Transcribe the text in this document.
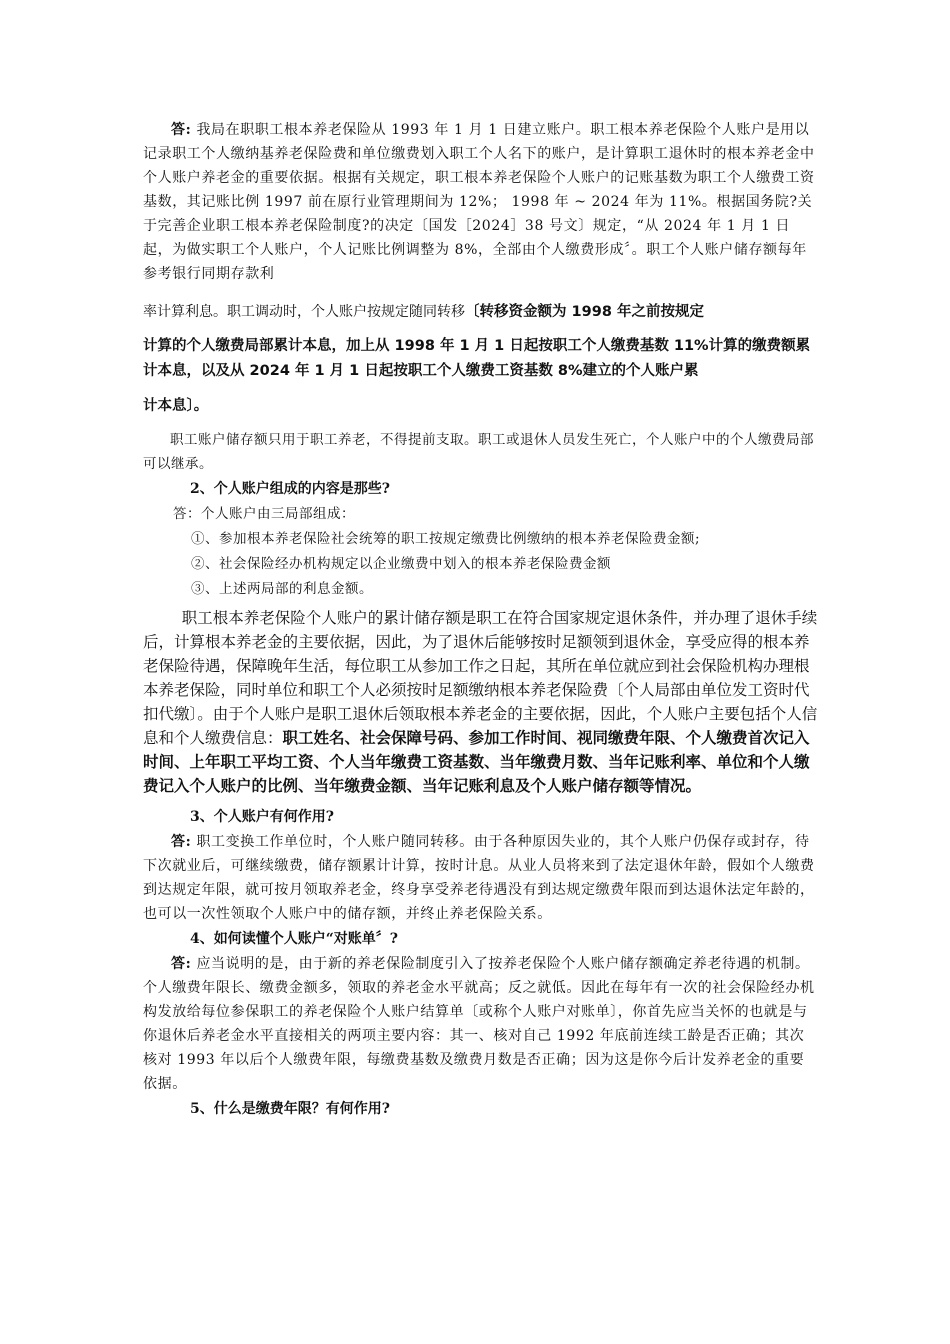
答: 我局在职职工根本养老保险从 1993 年 1 月 1 日建立账户。职工根本养老保险个人账户是用以记录职工个人缴纳基养老保险费和单位缴费划入职工个人名下的账户，是计算职工退休时的根本养老金中个人账户养老金的重要依据。根据有关规定，职工根本养老保险个人账户的记账基数为职工个人缴费工资基数，其记账比例 1997 前在原行业管理期间为 12%； 1998 年 ~ 2024 年为 11%。根据国务院?关于完善企业职工根本养老保险制度?的决定〔国发［2024］38 号文〕规定，“从 2024 年 1 月 1 日起，为做实职工个人账户，个人记账比例调整为 8%，全部由个人缴费形成〞。职工个人账户储存额每年参考银行同期存款利

率计算利息。职工调动时，个人账户按规定随同转移〔转移资金额为 1998 年之前按规定

计算的个人缴费局部累计本息，加上从 1998 年 1 月 1 日起按职工个人缴费基数 11%计算的缴费额累计本息，以及从 2024 年 1 月 1 日起按职工个人缴费工资基数 8%建立的个人账户累

计本息〕。

职工账户储存额只用于职工养老，不得提前支取。职工或退休人员发生死亡，个人账户中的个人缴费局部可以继承。

2、个人账户组成的内容是那些?

答：个人账户由三局部组成：

①、参加根本养老保险社会统筹的职工按规定缴费比例缴纳的根本养老保险费金额;

②、社会保险经办机构规定以企业缴费中划入的根本养老保险费金额

③、上述两局部的利息金额。

职工根本养老保险个人账户的累计储存额是职工在符合国家规定退休条件，并办理了退休手续后，计算根本养老金的主要依据，因此，为了退休后能够按时足额领到退休金，享受应得的根本养老保险待遇，保障晚年生活，每位职工从参加工作之日起，其所在单位就应到社会保险机构办理根本养老保险，同时单位和职工个人必须按时足额缴纳根本养老保险费〔个人局部由单位发工资时代扣代缴〕。由于个人账户是职工退休后领取根本养老金的主要依据，因此，个人账户主要包括个人信息和个人缴费信息：职工姓名、社会保障号码、参加工作时间、视同缴费年限、个人缴费首次记入时间、上年职工平均工资、个人当年缴费工资基数、当年缴费月数、当年记账利率、单位和个人缴费记入个人账户的比例、当年缴费金额、当年记账利息及个人账户储存额等情况。

3、个人账户有何作用?

答: 职工变换工作单位时，个人账户随同转移。由于各种原因失业的，其个人账户仍保存或封存，待下次就业后，可继续缴费，储存额累计计算，按时计息。从业人员将来到了法定退休年龄，假如个人缴费到达规定年限，就可按月领取养老金，终身享受养老待遇没有到达规定缴费年限而到达退休法定年龄的，也可以一次性领取个人账户中的储存额，并终止养老保险关系。

4、如何读懂个人账户“对账单〞?

答: 应当说明的是，由于新的养老保险制度引入了按养老保险个人账户储存额确定养老待遇的机制。个人缴费年限长、缴费金额多，领取的养老金水平就高；反之就低。因此在每年有一次的社会保险经办机构发放给每位参保职工的养老保险个人账户结算单〔或称个人账户对账单〕，你首先应当关怀的也就是与你退休后养老金水平直接相关的两项主要内容：其一、核对自己 1992 年底前连续工龄是否正确；其次核对 1993 年以后个人缴费年限，每缴费基数及缴费月数是否正确；因为这是你今后计发养老金的重要依据。

5、什么是缴费年限？有何作用?
